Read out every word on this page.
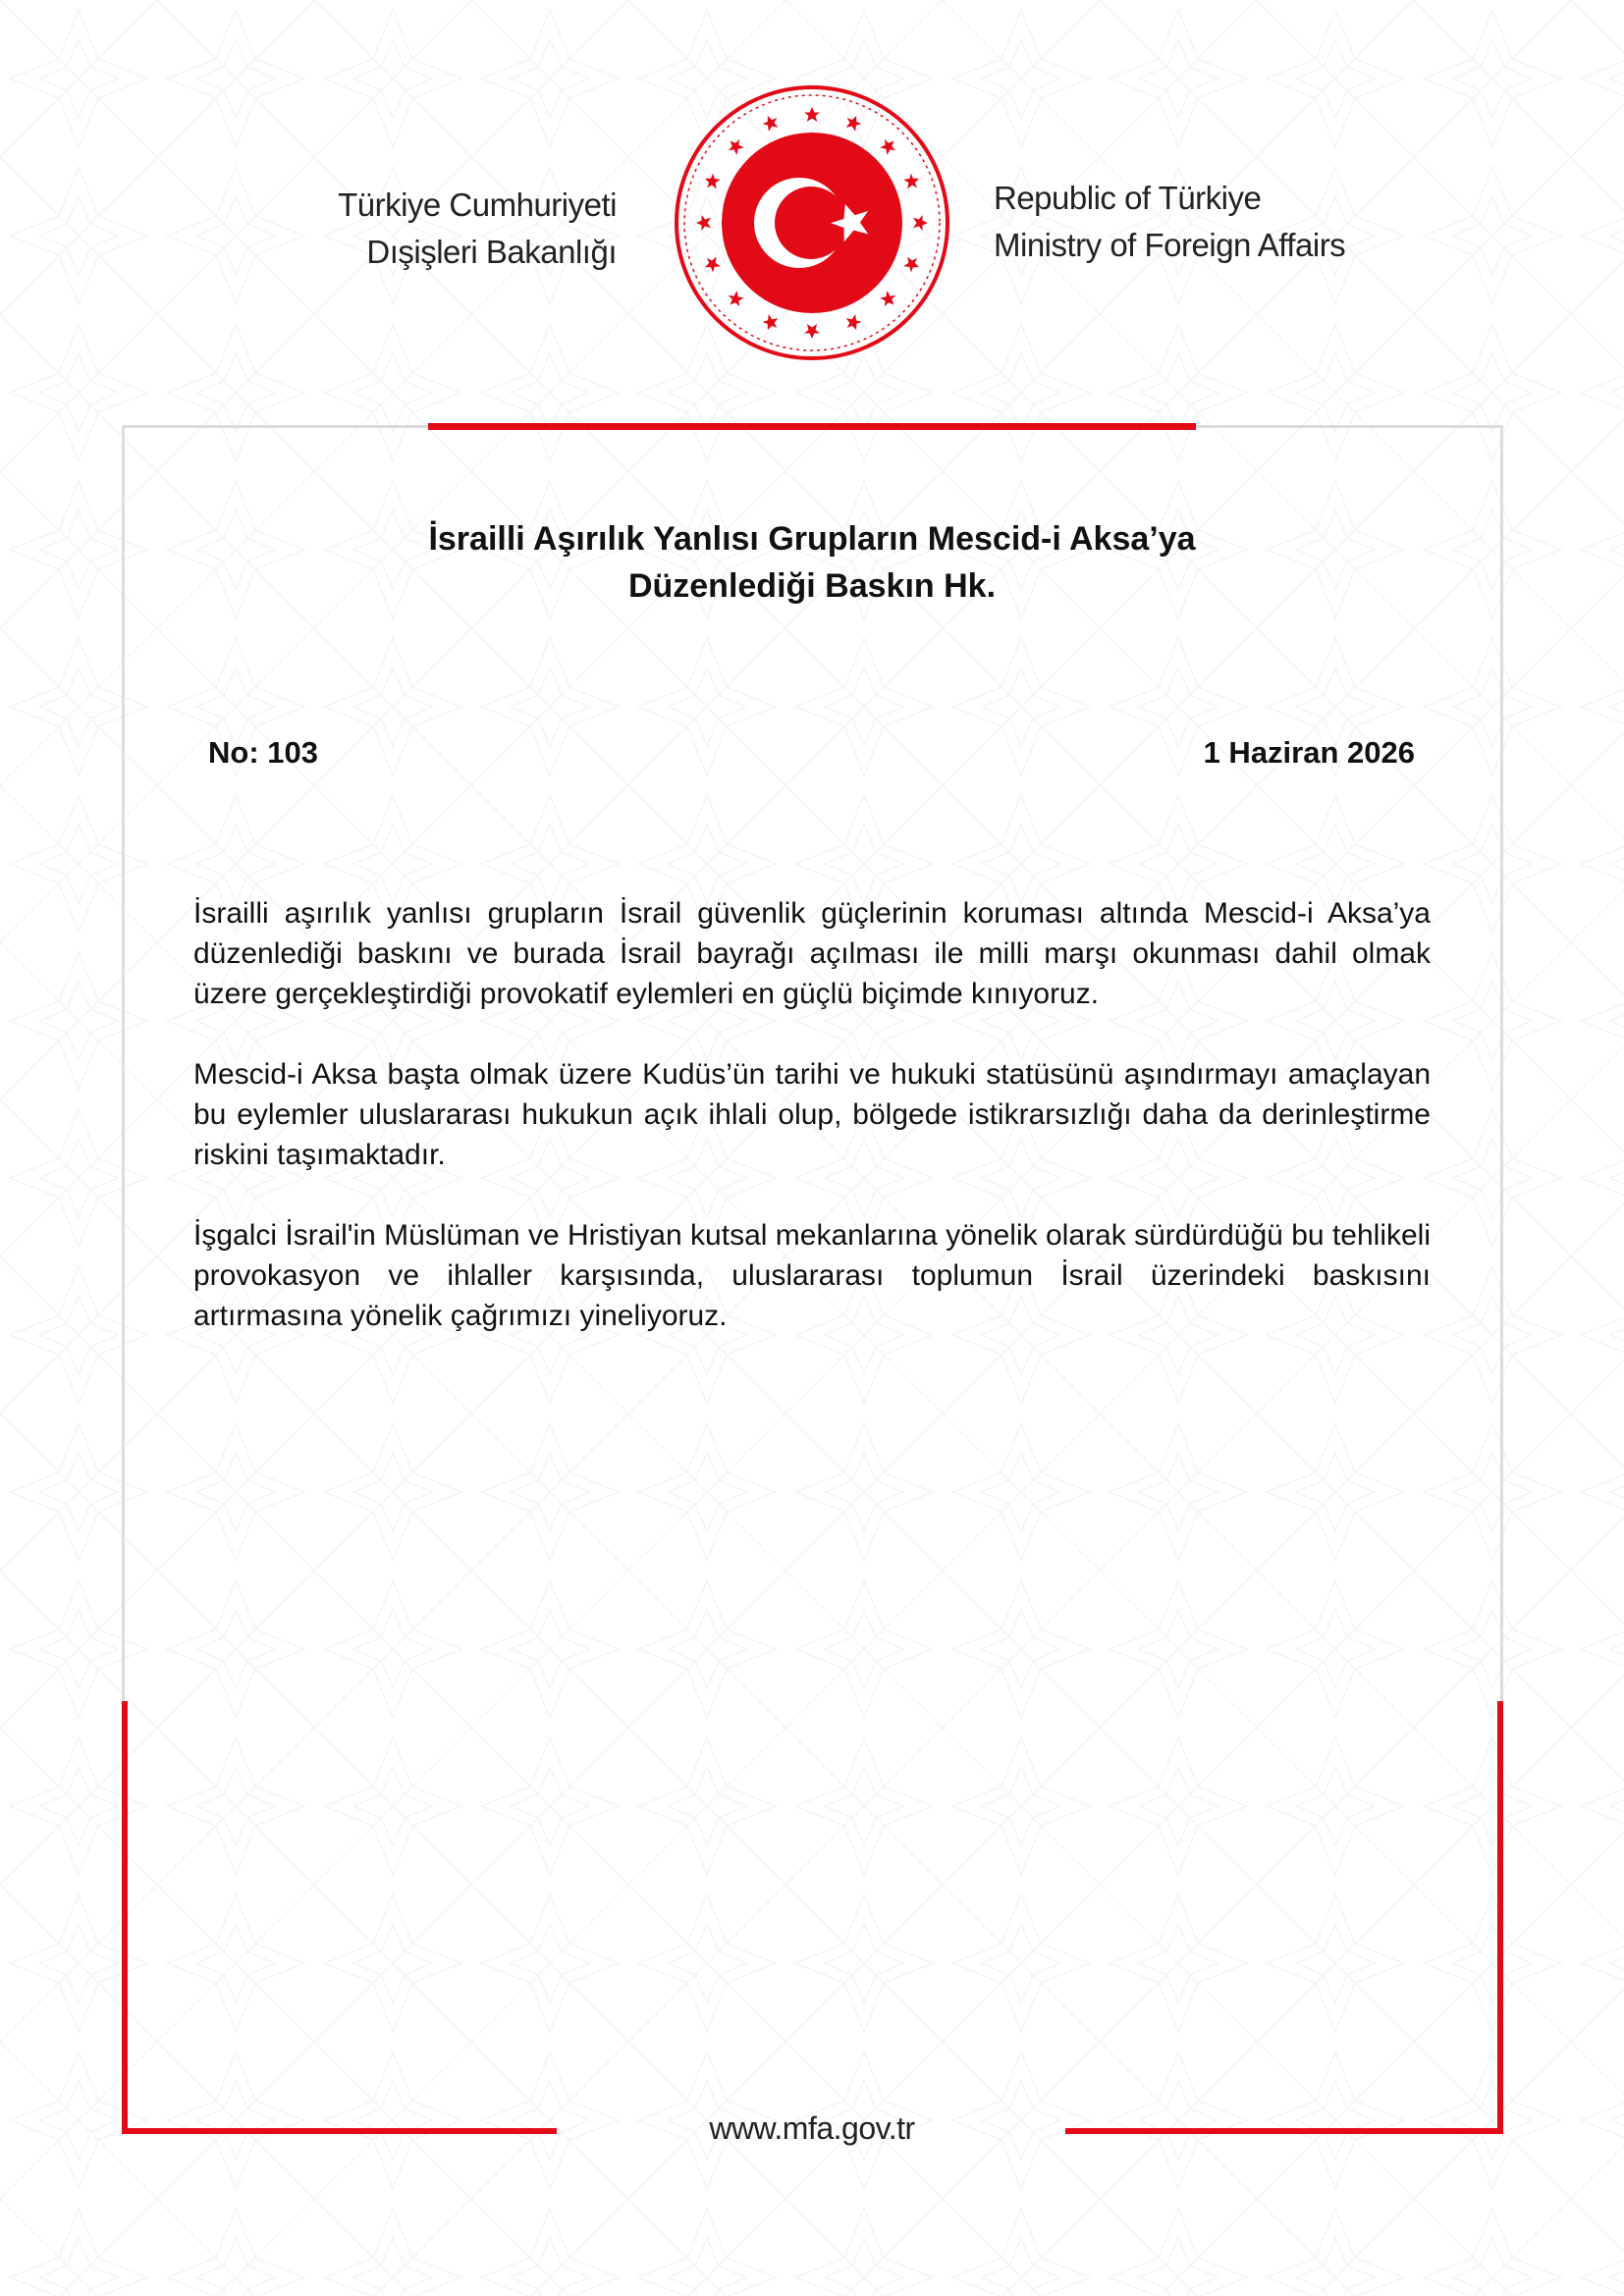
Türkiye Cumhuriyeti
Dışişleri Bakanlığı
Republic of Türkiye
Ministry of Foreign Affairs
İsrailli Aşırılık Yanlısı Grupların Mescid-i Aksa’ya
Düzenlediği Baskın Hk.
No: 103	1 Haziran 2026

İsrailli aşırılık yanlısı grupların İsrail güvenlik güçlerinin koruması altında Mescid-i Aksa’ya düzenlediği baskını ve burada İsrail bayrağı açılması ile milli marşı okunması dahil olmak üzere gerçekleştirdiği provokatif eylemleri en güçlü biçimde kınıyoruz.

Mescid-i Aksa başta olmak üzere Kudüs’ün tarihi ve hukuki statüsünü aşındırmayı amaçlayan bu eylemler uluslararası hukukun açık ihlali olup, bölgede istikrarsızlığı daha da derinleştirme riskini taşımaktadır.

İşgalci İsrail'in Müslüman ve Hristiyan kutsal mekanlarına yönelik olarak sürdürdüğü bu tehlikeli provokasyon ve ihlaller karşısında, uluslararası toplumun İsrail üzerindeki baskısını artırmasına yönelik çağrımızı yineliyoruz.

www.mfa.gov.tr
